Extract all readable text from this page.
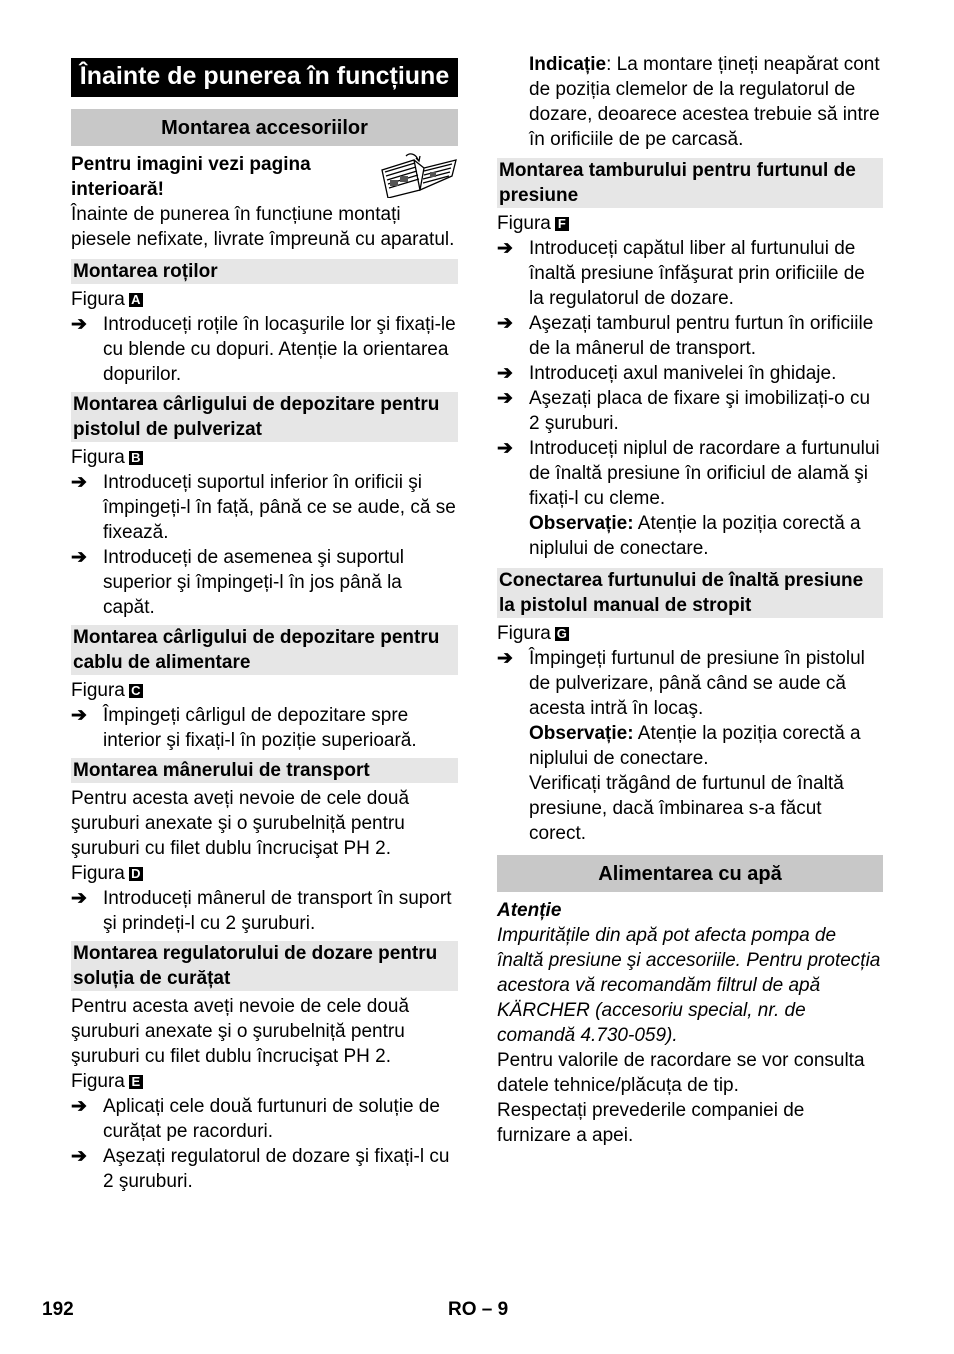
Înainte de punerea în funcțiune
Montarea accesoriilor

Pentru imagini vezi pagina interioară!

Înainte de punerea în funcțiune montați piesele nefixate, livrate împreună cu aparatul.

Montarea roților

Figura A

➔ Introduceți roțile în locaşurile lor şi fixați-le cu blende cu dopuri. Atenție la orientarea dopurilor.
Montarea cârligului de depozitare pentru pistolul de pulverizat

Figura B

➔ Introduceți suportul inferior în orificii şi împingeți-l în față, până ce se aude, că se fixează.
➔ Introduceți de asemenea şi suportul superior şi împingeți-l în jos până la capăt.
Montarea cârligului de depozitare pentru cablu de alimentare

Figura C

➔ Împingeți cârligul de depozitare spre interior şi fixați-l în poziție superioară.
Montarea mânerului de transport

Pentru acesta aveți nevoie de cele două şuruburi anexate şi o şurubelniță pentru şuruburi cu filet dublu încrucişat PH 2.

Figura D

➔ Introduceți mânerul de transport în suport şi prindeți-l cu 2 şuruburi.
Montarea regulatorului de dozare pentru soluția de curățat

Pentru acesta aveți nevoie de cele două şuruburi anexate şi o şurubelniță pentru şuruburi cu filet dublu încrucişat PH 2.

Figura E

➔ Aplicați cele două furtunuri de soluție de curățat pe racorduri.
➔ Aşezați regulatorul de dozare şi fixați-l cu 2 şuruburi.

Indicație: La montare țineți neapărat cont de poziția clemelor de la regulatorul de dozare, deoarece acestea trebuie să intre în orificiile de pe carcasă.

Montarea tamburului pentru furtunul de presiune

Figura F

➔ Introduceți capătul liber al furtunului de înaltă presiune înfăşurat prin orificiile de la regulatorul de dozare.
➔ Aşezați tamburul pentru furtun în orificiile de la mânerul de transport.
➔ Introduceți axul manivelei în ghidaje.
➔ Aşezați placa de fixare şi imobilizați-o cu 2 şuruburi.
➔ Introduceți niplul de racordare a furtunului de înaltă presiune în orificiul de alamă şi fixați-l cu cleme.

Observație: Atenție la poziția corectă a niplului de conectare.

Conectarea furtunului de înaltă presiune la pistolul manual de stropit

Figura G

➔ Împingeți furtunul de presiune în pistolul de pulverizare, până când se aude că acesta intră în locaş.

Observație: Atenție la poziția corectă a niplului de conectare.

Verificați trăgând de furtunul de înaltă presiune, dacă îmbinarea s-a făcut corect.

Alimentarea cu apă

Atenție

Impuritățile din apă pot afecta pompa de înaltă presiune şi accesoriile. Pentru protecția acestora vă recomandăm filtrul de apă KÄRCHER (accesoriu special, nr. de comandă 4.730-059).

Pentru valorile de racordare se vor consulta datele tehnice/plăcuța de tip.

Respectați prevederile companiei de furnizare a apei.

192	RO – 9
